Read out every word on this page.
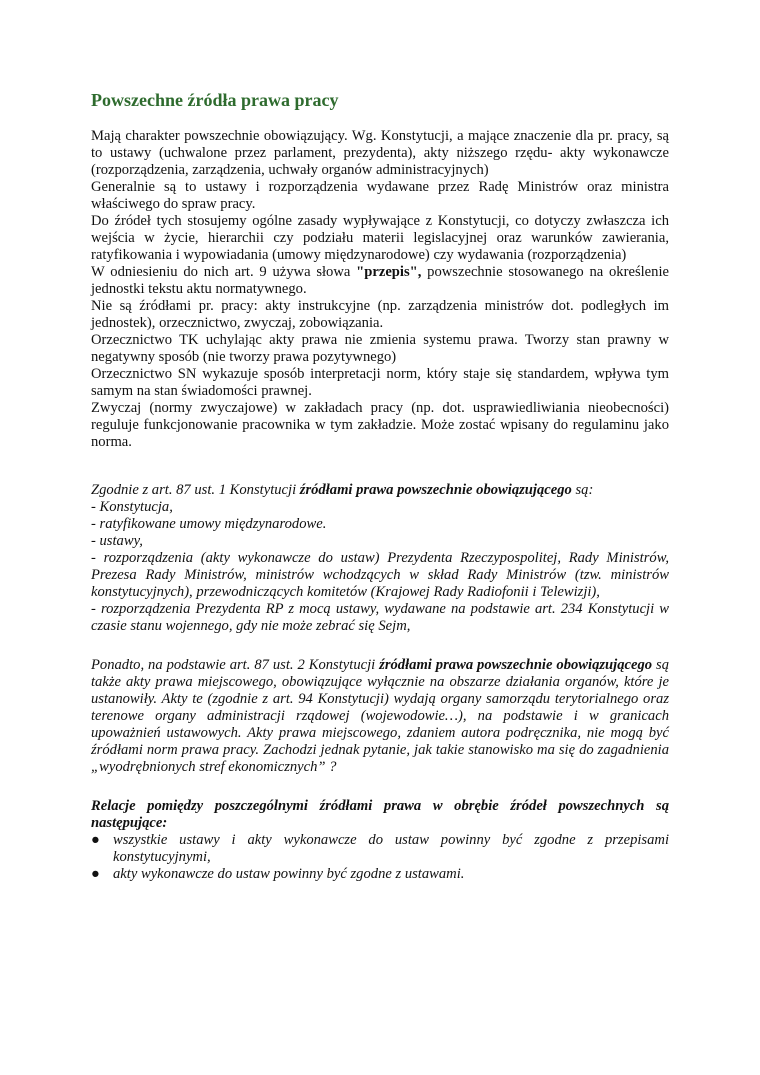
Powszechne źródła prawa pracy

Mają charakter powszechnie obowiązujący. Wg. Konstytucji, a mające znaczenie dla pr. pracy, są to ustawy (uchwalone przez parlament, prezydenta), akty niższego rzędu- akty wykonawcze (rozporządzenia, zarządzenia, uchwały organów administracyjnych)

Generalnie są to ustawy i rozporządzenia wydawane przez Radę Ministrów oraz ministra właściwego do spraw pracy.

Do źródeł tych stosujemy ogólne zasady wypływające z Konstytucji, co dotyczy zwłaszcza ich wejścia w życie, hierarchii czy podziału materii legislacyjnej oraz warunków zawierania, ratyfikowania i wypowiadania (umowy międzynarodowe) czy wydawania (rozporządzenia)

W odniesieniu do nich art. 9 używa słowa "przepis", powszechnie stosowanego na określenie jednostki tekstu aktu normatywnego.

Nie są źródłami pr. pracy: akty instrukcyjne (np. zarządzenia ministrów dot. podległych im jednostek), orzecznictwo, zwyczaj, zobowiązania.

Orzecznictwo TK uchylając akty prawa nie zmienia systemu prawa. Tworzy stan prawny w negatywny sposób (nie tworzy prawa pozytywnego)

Orzecznictwo SN wykazuje sposób interpretacji norm, który staje się standardem, wpływa tym samym na stan świadomości prawnej.

Zwyczaj (normy zwyczajowe) w zakładach pracy (np. dot. usprawiedliwiania nieobecności) reguluje funkcjonowanie pracownika w tym zakładzie. Może zostać wpisany do regulaminu jako norma.

Zgodnie z art. 87 ust. 1 Konstytucji źródłami prawa powszechnie obowiązującego są:

- Konstytucja,

- ratyfikowane umowy międzynarodowe.

- ustawy,

- rozporządzenia (akty wykonawcze do ustaw) Prezydenta Rzeczypospolitej, Rady Ministrów, Prezesa Rady Ministrów, ministrów wchodzących w skład Rady Ministrów (tzw. ministrów konstytucyjnych), przewodniczących komitetów (Krajowej Rady Radiofonii i Telewizji),

- rozporządzenia Prezydenta RP z mocą ustawy, wydawane na podstawie art. 234 Konstytucji w czasie stanu wojennego, gdy nie może zebrać się Sejm,

Ponadto, na podstawie art. 87 ust. 2 Konstytucji źródłami prawa powszechnie obowiązującego są także akty prawa miejscowego, obowiązujące wyłącznie na obszarze działania organów, które je ustanowiły. Akty te (zgodnie z art. 94 Konstytucji) wydają organy samorządu terytorialnego oraz terenowe organy administracji rządowej (wojewodowie…), na podstawie i w granicach upoważnień ustawowych. Akty prawa miejscowego, zdaniem autora podręcznika, nie mogą być źródłami norm prawa pracy. Zachodzi jednak pytanie, jak takie stanowisko ma się do zagadnienia „wyodrębnionych stref ekonomicznych” ?

Relacje pomiędzy poszczególnymi źródłami prawa w obrębie źródeł powszechnych są następujące:

● wszystkie ustawy i akty wykonawcze do ustaw powinny być zgodne z przepisami konstytucyjnymi,
● akty wykonawcze do ustaw powinny być zgodne z ustawami.
